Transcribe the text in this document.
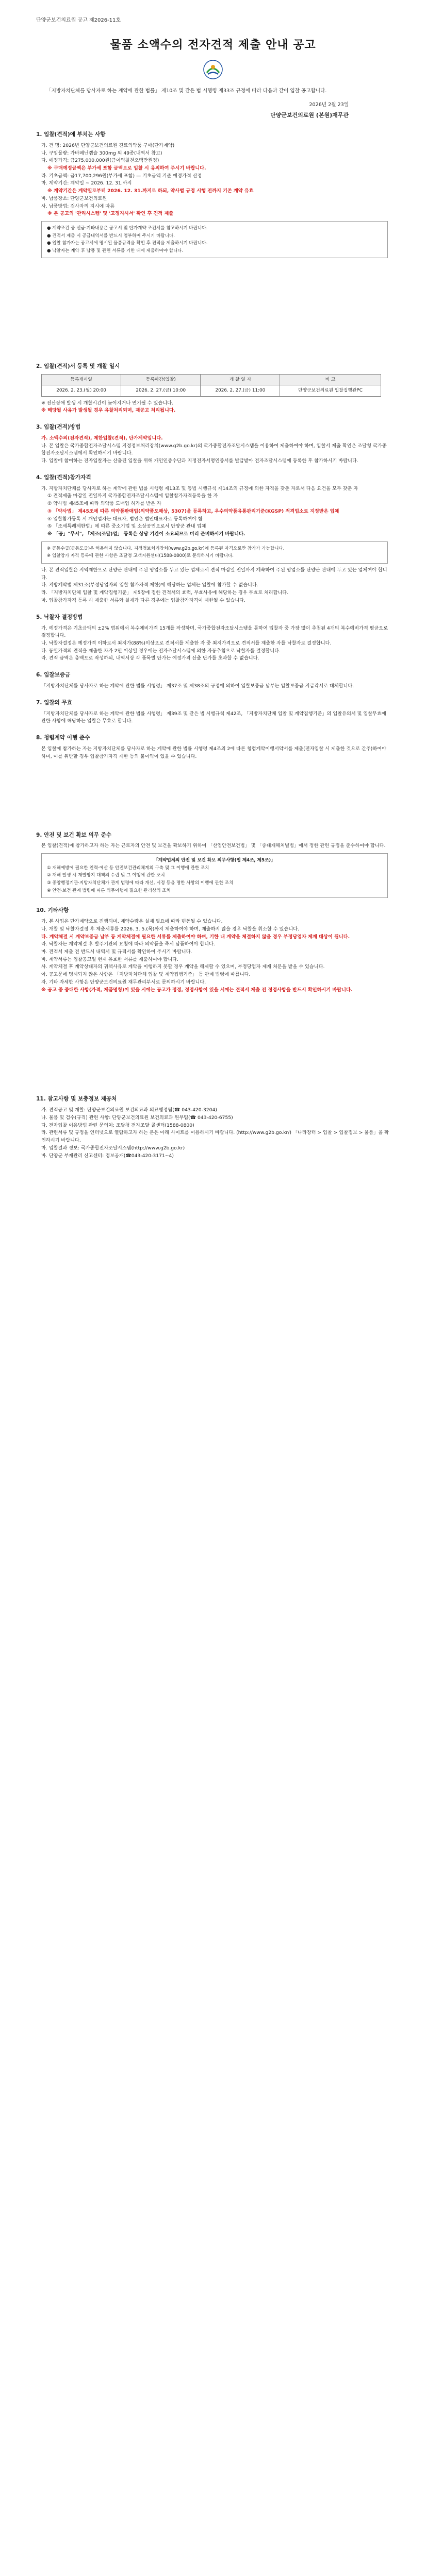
단양군보건의료원 공고 제2026-11호
물품 소액수의 전자견적 제출 안내 공고
「지방자치단체를 당사자로 하는 계약에 관한 법률」 제10조 및 같은 법 시행령 제33조 규정에 따라 다음과 같이 입찰 공고합니다.
2026년 2월 23일
단양군보건의료원 (본원)재무관
1. 입찰(견적)에 부치는 사항
가. 건 명: 2026년 단양군보건의료원 진료의약품 구매(단가계약)
나. 구입물량: 가바페닌캡슐 300mg 외 49종(내역서 참고)
다. 예정가격: 금275,000,000원(금이억칠천오백만원정)
※ 구매예정금액은 부가세 포함 금액으로 입찰 시 유의하여 주시기 바랍니다.
라. 기초금액: 금17,700,296원(부가세 포함) — 기초금액 기준 예정가격 산정
마. 계약기간: 계약일 ~ 2026. 12. 31.까지
※ 계약기간은 계약일로부터 2026. 12. 31.까지로 하되, 약사법 규정 시행 전까지 기존 계약 유효
바. 납품장소: 단양군보건의료원
사. 납품방법: 검사자의 지시에 따름
※ 본 공고의 '관리시스템' 및 '고정지시서' 확인 후 견적 제출
● 계약조건 중 선금·기타내용은 공고서 및 단가계약 조건서를 참고하시기 바랍니다.
● 견적서 제출 시 공급내역서를 반드시 첨부하여 주시기 바랍니다.
● 입찰 참가자는 공고서에 명시된 물품규격을 확인 후 견적을 제출하시기 바랍니다.
● 낙찰자는 계약 후 납품 및 관련 서류를 기한 내에 제출하여야 합니다.
2. 입찰(견적)서 등록 및 개찰 일시
등록개시일	등록마감(입찰)	개 찰 일 자	비 고
2026. 2. 23.(월) 20:00	2026. 2. 27.(금) 10:00	2026. 2. 27.(금) 11:00	단양군보건의료원 입찰집행관PC
※ 전산장애 발생 시 개찰시간이 늦어지거나 연기될 수 있습니다.
※ 해당될 사유가 발생될 경우 유찰처리되며, 재공고 처리됩니다.
3. 입찰(견적)방법
가. 소액수의(전자견적), 제한입찰(견적), 단가계약입니다.
나. 본 입찰은 국가종합전자조달시스템 지정정보처리장치(www.g2b.go.kr)의 국가종합전자조달시스템을 이용하여 제출하여야 하며, 입찰서 제출 확인은 조달청 국가종합전자조달시스템에서 확인하시기 바랍니다.
다. 입찰에 참여하는 전자입찰자는 산출된 입찰을 위해 개인인증수단과 지정전자서명인증서를 발급받아 전자조달시스템에 등록한 후 참가하시기 바랍니다.
4. 입찰(견적)참가자격
가. 지방자치단체를 당사자로 하는 계약에 관한 법률 시행령 제13조 및 동법 시행규칙 제14조의 규정에 의한 자격을 갖춘 자로서 다음 요건을 모두 갖춘 자
① 견적제출 마감일 전일까지 국가종합전자조달시스템에 입찰참가자격등록을 한 자
② 약사법 제45조에 따라 의약품 도매업 허가를 받은 자
③ 「약사법」 제45조에 따른 의약품판매업(의약품도매상, 5307)을 등록하고, 우수의약품유통관리기준(KGSP) 적격업소로 지정받은 업체
④ 입찰참가등록 시 개인업자는 대표자, 법인은 법인대표자로 등록하여야 함
⑤ 「조세특례제한법」에 따른 중소기업 및 소상공인으로서 단양군 관내 업체
※ 「공」"무서", 「제조(조달)업」 등록은 상당 기간이 소요되므로 미리 준비하시기 바랍니다.
※ 공동수급(공동도급)은 허용하지 않습니다. 지정정보처리장치(www.g2b.go.kr)에 등록된 자격으로만 참가가 가능합니다.
※ 입찰참가 자격 등록에 관한 사항은 조달청 고객지원센터(1588-0800)로 문의하시기 바랍니다.
나. 본 견적입찰은 지역제한으로 단양군 관내에 주된 영업소를 두고 있는 업체로서 견적 마감일 전일까지 계속하여 주된 영업소를 단양군 관내에 두고 있는 업체여야 합니다.
다. 지방계약법 제31조(부정당업자의 입찰 참가자격 제한)에 해당하는 업체는 입찰에 참가할 수 없습니다.
라. 「지방자치단체 입찰 및 계약집행기준」 제5장에 정한 견적서의 효력, 무효사유에 해당하는 경우 무효로 처리합니다.
마. 입찰참가자격 등록 시 제출한 서류와 실제가 다른 경우에는 입찰참가자격이 제한될 수 있습니다.
5. 낙찰자 결정방법
가. 예정가격은 기초금액의 ±2% 범위에서 복수예비가격 15개를 작성하며, 국가종합전자조달시스템을 통하여 입찰자 중 가장 많이 추첨된 4개의 복수예비가격 평균으로 결정합니다.
나. 낙찰자결정은 예정가격 이하로서 최저가(88%)이상으로 견적서를 제출한 자 중 최저가격으로 견적서를 제출한 자를 낙찰자로 결정합니다.
다. 동일가격의 견적을 제출한 자가 2인 이상일 경우에는 전자조달시스템에 의한 자동추첨으로 낙찰자를 결정합니다.
라. 견적 금액은 총액으로 작성하되, 내역서상 각 품목별 단가는 예정가격 산출 단가를 초과할 수 없습니다.
6. 입찰보증금
「지방자치단체를 당사자로 하는 계약에 관한 법률 시행령」 제37조 및 제38조의 규정에 의하여 입찰보증금 납부는 입찰보증금 지급각서로 대체합니다.
7. 입찰의 무효
「지방자치단체를 당사자로 하는 계약에 관한 법률 시행령」 제39조 및 같은 법 시행규칙 제42조, 「지방자치단체 입찰 및 계약집행기준」의 입찰유의서 및 입찰무효에 관한 사항에 해당하는 입찰은 무효로 합니다.
8. 청렴계약 이행 준수
본 입찰에 참가하는 자는 지방자치단체를 당사자로 하는 계약에 관한 법률 시행령 제4조의 2에 따른 청렴계약이행서약서를 제출(전자입찰 시 제출한 것으로 간주)하여야 하며, 이를 위반할 경우 입찰참가자격 제한 등의 불이익이 있을 수 있습니다.
9. 안전 및 보건 확보 의무 준수
본 입찰(견적)에 참가하고자 하는 자는 근로자의 안전 및 보건을 확보하기 위하여 「산업안전보건법」 및 「중대재해처벌법」에서 정한 관련 규정을 준수하여야 합니다.
「계약업체의 안전 및 보건 확보 의무사항(법 제4조, 제5조)」
① 재해예방에 필요한 인력·예산 등 안전보건관리체계의 구축 및 그 이행에 관한 조치
② 재해 발생 시 재발방지 대책의 수립 및 그 이행에 관한 조치
③ 중앙행정기관·지방자치단체가 관계 법령에 따라 개선, 시정 등을 명한 사항의 이행에 관한 조치
④ 안전·보건 관계 법령에 따른 의무이행에 필요한 관리상의 조치
10. 기타사항
가. 본 사업은 단가계약으로 진행되며, 계약수량은 실제 필요에 따라 변동될 수 있습니다.
나. 개찰 및 낙찰자결정 후 제출서류를 2026. 3. 5.(목)까지 제출하여야 하며, 제출하지 않을 경우 낙찰을 취소할 수 있습니다.
다. 계약체결 시 계약보증금 납부 등 계약체결에 필요한 서류를 제출하여야 하며, 기한 내 계약을 체결하지 않을 경우 부정당업자 제재 대상이 됩니다.
라. 낙찰자는 계약체결 후 발주기관의 요청에 따라 의약품을 즉시 납품하여야 합니다.
마. 견적서 제출 전 반드시 내역서 및 규격서를 확인하여 주시기 바랍니다.
바. 계약서류는 입찰공고일 현재 유효한 서류를 제출하여야 합니다.
사. 계약체결 후 계약상대자의 귀책사유로 계약을 이행하지 못할 경우 계약을 해제할 수 있으며, 부정당업자 제재 처분을 받을 수 있습니다.
아. 공고문에 명시되지 않은 사항은 「지방자치단체 입찰 및 계약집행기준」 등 관계 법령에 따릅니다.
자. 기타 자세한 사항은 단양군보건의료원 재무관리부서로 문의하시기 바랍니다.
※ 공고 중 중대한 사항(가격, 제품명칭)이 있을 시에는 공고가 정정, 정정사항이 있을 시에는 견적서 제출 전 정정사항을 반드시 확인하시기 바랍니다.
11. 참고사항 및 보충정보 제공처
가. 견적공고 및 개찰: 단양군보건의료원 보건의료과 의료행정팀(☎ 043-420-3204)
나. 물품 및 검수(규격) 관련 사항: 단양군보건의료원 보건의료과 원무팀(☎ 043-420-6755)
다. 전자입찰 이용방법 관련 문의처: 조달청 전자조달 콜센터(1588-0800)
라. 관련서류 및 규정을 인터넷으로 열람하고자 하는 분은 아래 사이트를 이용하시기 바랍니다. (http://www.g2b.go.kr/) 「나라장터 > 입찰 > 입찰정보 > 물품」을 확인하시기 바랍니다.
마. 입찰결과 정보: 국가종합전자조달시스템(http://www.g2b.go.kr)
바. 단양군 부재관리 신고센터: 정보공개(☎043-420-3171~4)
